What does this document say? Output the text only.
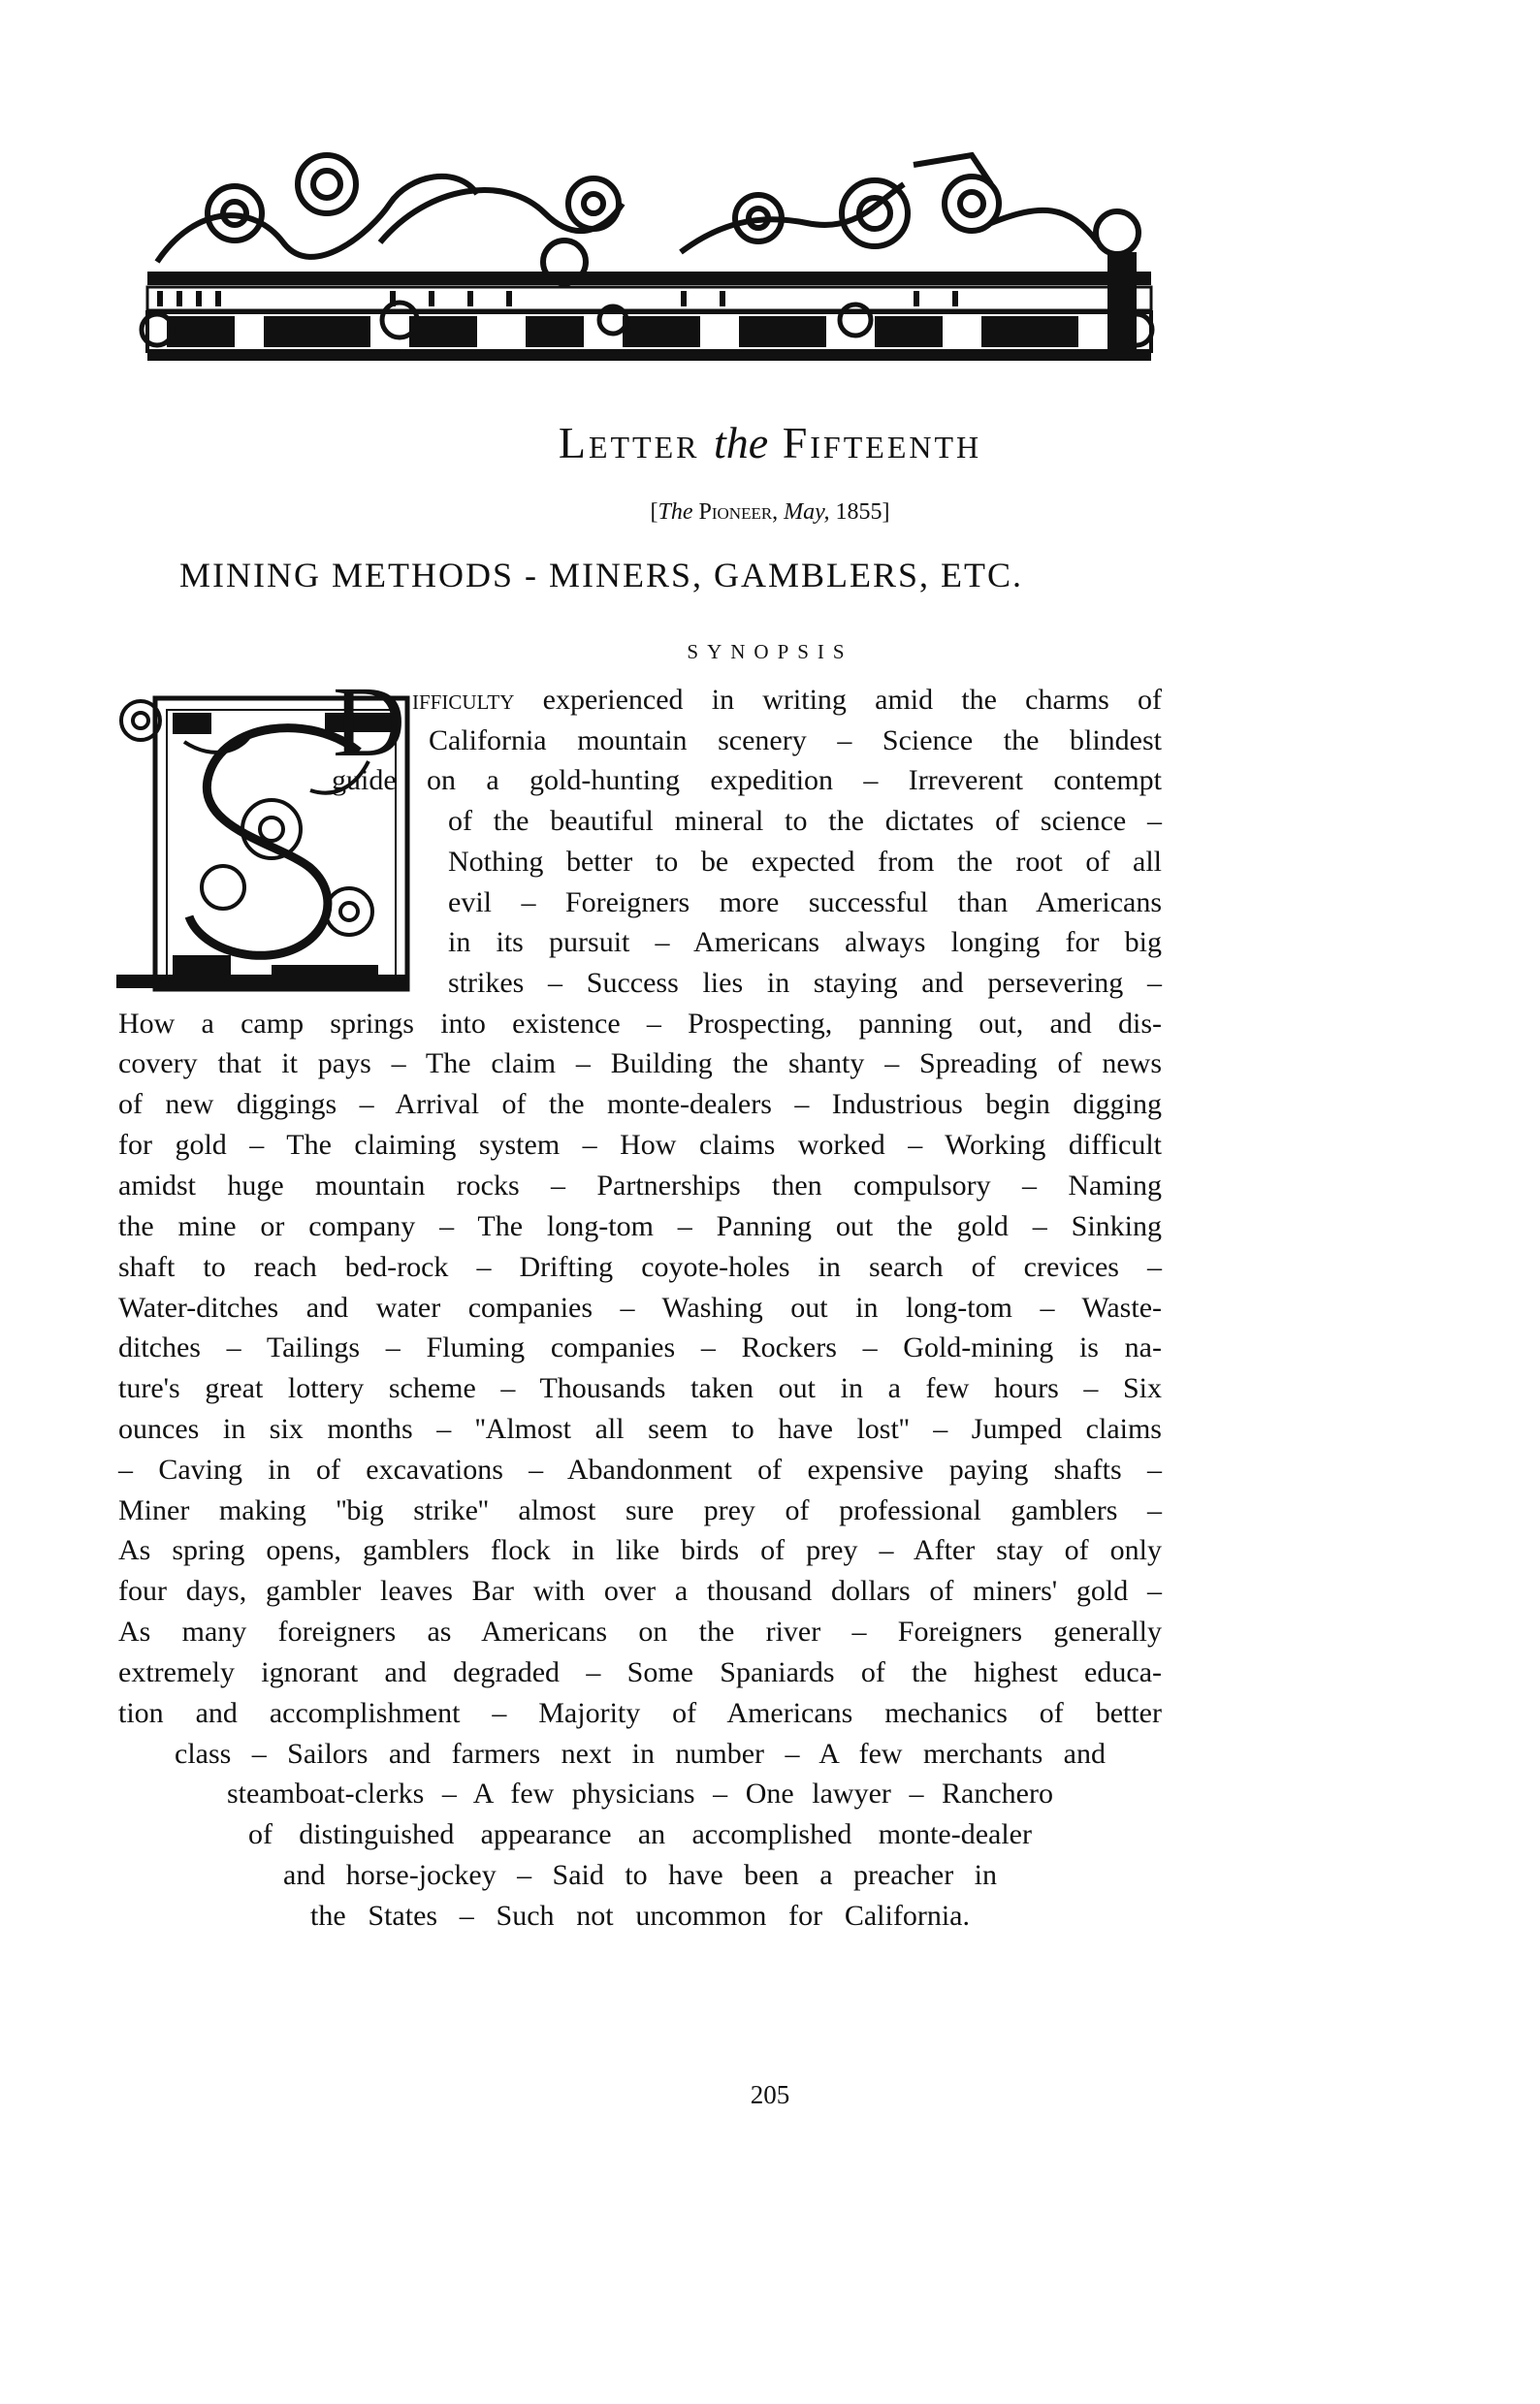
Letter the Fifteenth
[The Pioneer, May, 1855]
MINING METHODS - MINERS, GAMBLERS, ETC.
SYNOPSIS
D ifficulty experienced in writing amid the charms of
California mountain scenery – Science the blindest
guide on a gold-hunting expedition – Irreverent contempt
of the beautiful mineral to the dictates of science –
Nothing better to be expected from the root of all
evil – Foreigners more successful than Americans
in its pursuit – Americans always longing for big
strikes – Success lies in staying and persevering –
How a camp springs into existence – Prospecting, panning out, and dis-
covery that it pays – The claim – Building the shanty – Spreading of news
of new diggings – Arrival of the monte-dealers – Industrious begin digging
for gold – The claiming system – How claims worked – Working difficult
amidst huge mountain rocks – Partnerships then compulsory – Naming
the mine or company – The long-tom – Panning out the gold – Sinking
shaft to reach bed-rock – Drifting coyote-holes in search of crevices –
Water-ditches and water companies – Washing out in long-tom – Waste-
ditches – Tailings – Fluming companies – Rockers – Gold-mining is na-
ture's great lottery scheme – Thousands taken out in a few hours – Six
ounces in six months – ''Almost all seem to have lost'' – Jumped claims
– Caving in of excavations – Abandonment of expensive paying shafts –
Miner making ''big strike'' almost sure prey of professional gamblers –
As spring opens, gamblers flock in like birds of prey – After stay of only
four days, gambler leaves Bar with over a thousand dollars of miners' gold –
As many foreigners as Americans on the river – Foreigners generally
extremely ignorant and degraded – Some Spaniards of the highest educa-
tion and accomplishment – Majority of Americans mechanics of better
class – Sailors and farmers next in number – A few merchants and
steamboat-clerks – A few physicians – One lawyer – Ranchero
of distinguished appearance an accomplished monte-dealer
and horse-jockey – Said to have been a preacher in
the States – Such not uncommon for California.
205
